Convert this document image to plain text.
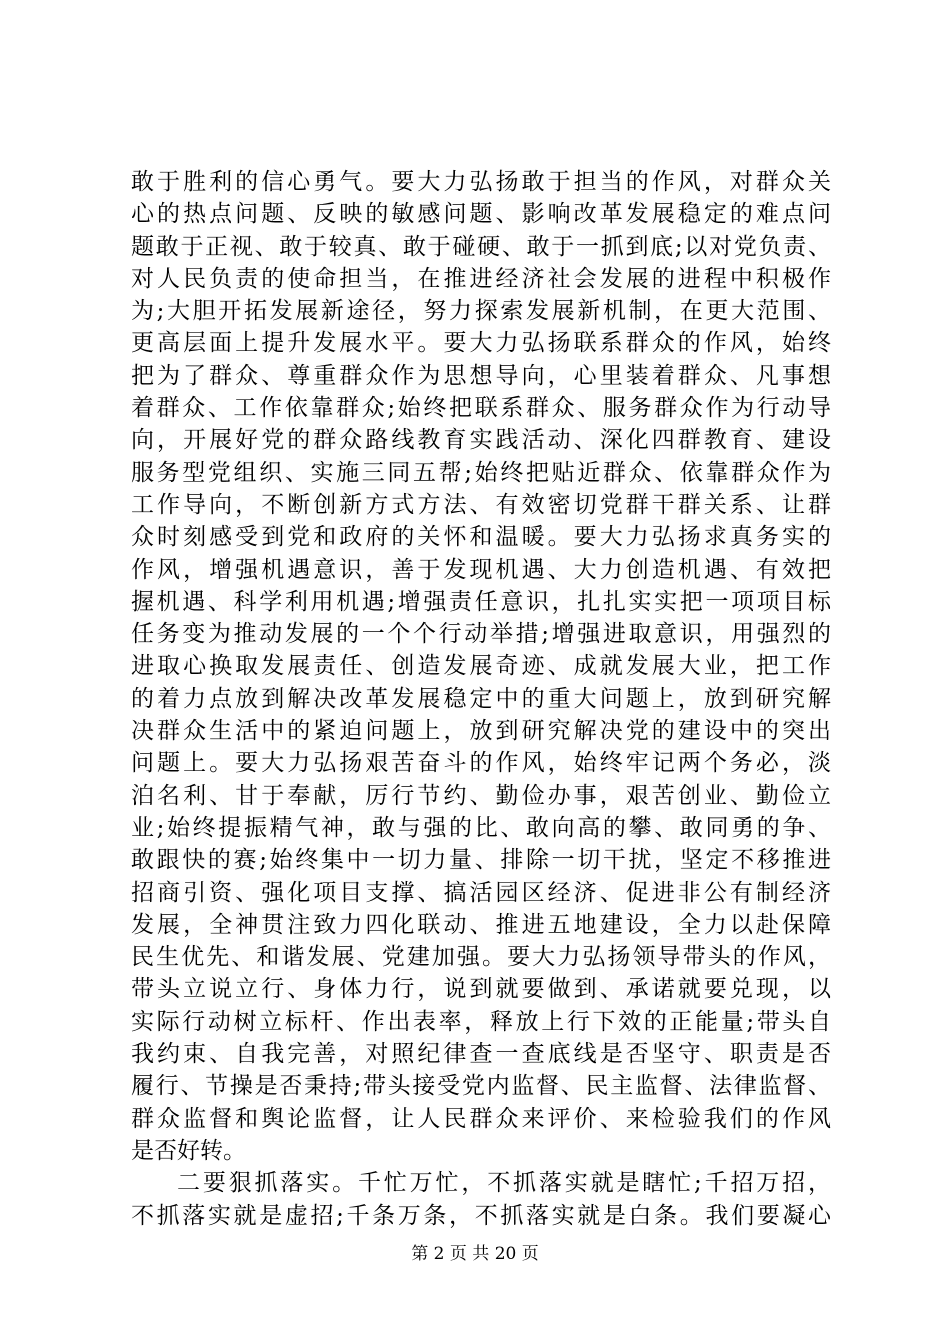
敢于胜利的信心勇气。要大力弘扬敢于担当的作风，对群众关
心的热点问题、反映的敏感问题、影响改革发展稳定的难点问
题敢于正视、敢于较真、敢于碰硬、敢于一抓到底;以对党负责、
对人民负责的使命担当，在推进经济社会发展的进程中积极作
为;大胆开拓发展新途径，努力探索发展新机制，在更大范围、
更高层面上提升发展水平。要大力弘扬联系群众的作风，始终
把为了群众、尊重群众作为思想导向，心里装着群众、凡事想
着群众、工作依靠群众;始终把联系群众、服务群众作为行动导
向，开展好党的群众路线教育实践活动、深化四群教育、建设
服务型党组织、实施三同五帮;始终把贴近群众、依靠群众作为
工作导向，不断创新方式方法、有效密切党群干群关系、让群
众时刻感受到党和政府的关怀和温暖。要大力弘扬求真务实的
作风，增强机遇意识，善于发现机遇、大力创造机遇、有效把
握机遇、科学利用机遇;增强责任意识，扎扎实实把一项项目标
任务变为推动发展的一个个行动举措;增强进取意识，用强烈的
进取心换取发展责任、创造发展奇迹、成就发展大业，把工作
的着力点放到解决改革发展稳定中的重大问题上，放到研究解
决群众生活中的紧迫问题上，放到研究解决党的建设中的突出
问题上。要大力弘扬艰苦奋斗的作风，始终牢记两个务必，淡
泊名利、甘于奉献，厉行节约、勤俭办事，艰苦创业、勤俭立
业;始终提振精气神，敢与强的比、敢向高的攀、敢同勇的争、
敢跟快的赛;始终集中一切力量、排除一切干扰，坚定不移推进
招商引资、强化项目支撑、搞活园区经济、促进非公有制经济
发展，全神贯注致力四化联动、推进五地建设，全力以赴保障
民生优先、和谐发展、党建加强。要大力弘扬领导带头的作风，
带头立说立行、身体力行，说到就要做到、承诺就要兑现，以
实际行动树立标杆、作出表率，释放上行下效的正能量;带头自
我约束、自我完善，对照纪律查一查底线是否坚守、职责是否
履行、节操是否秉持;带头接受党内监督、民主监督、法律监督、
群众监督和舆论监督，让人民群众来评价、来检验我们的作风
是否好转。
二要狠抓落实。千忙万忙，不抓落实就是瞎忙;千招万招，
不抓落实就是虚招;千条万条，不抓落实就是白条。我们要凝心
第 2 页 共 20 页
